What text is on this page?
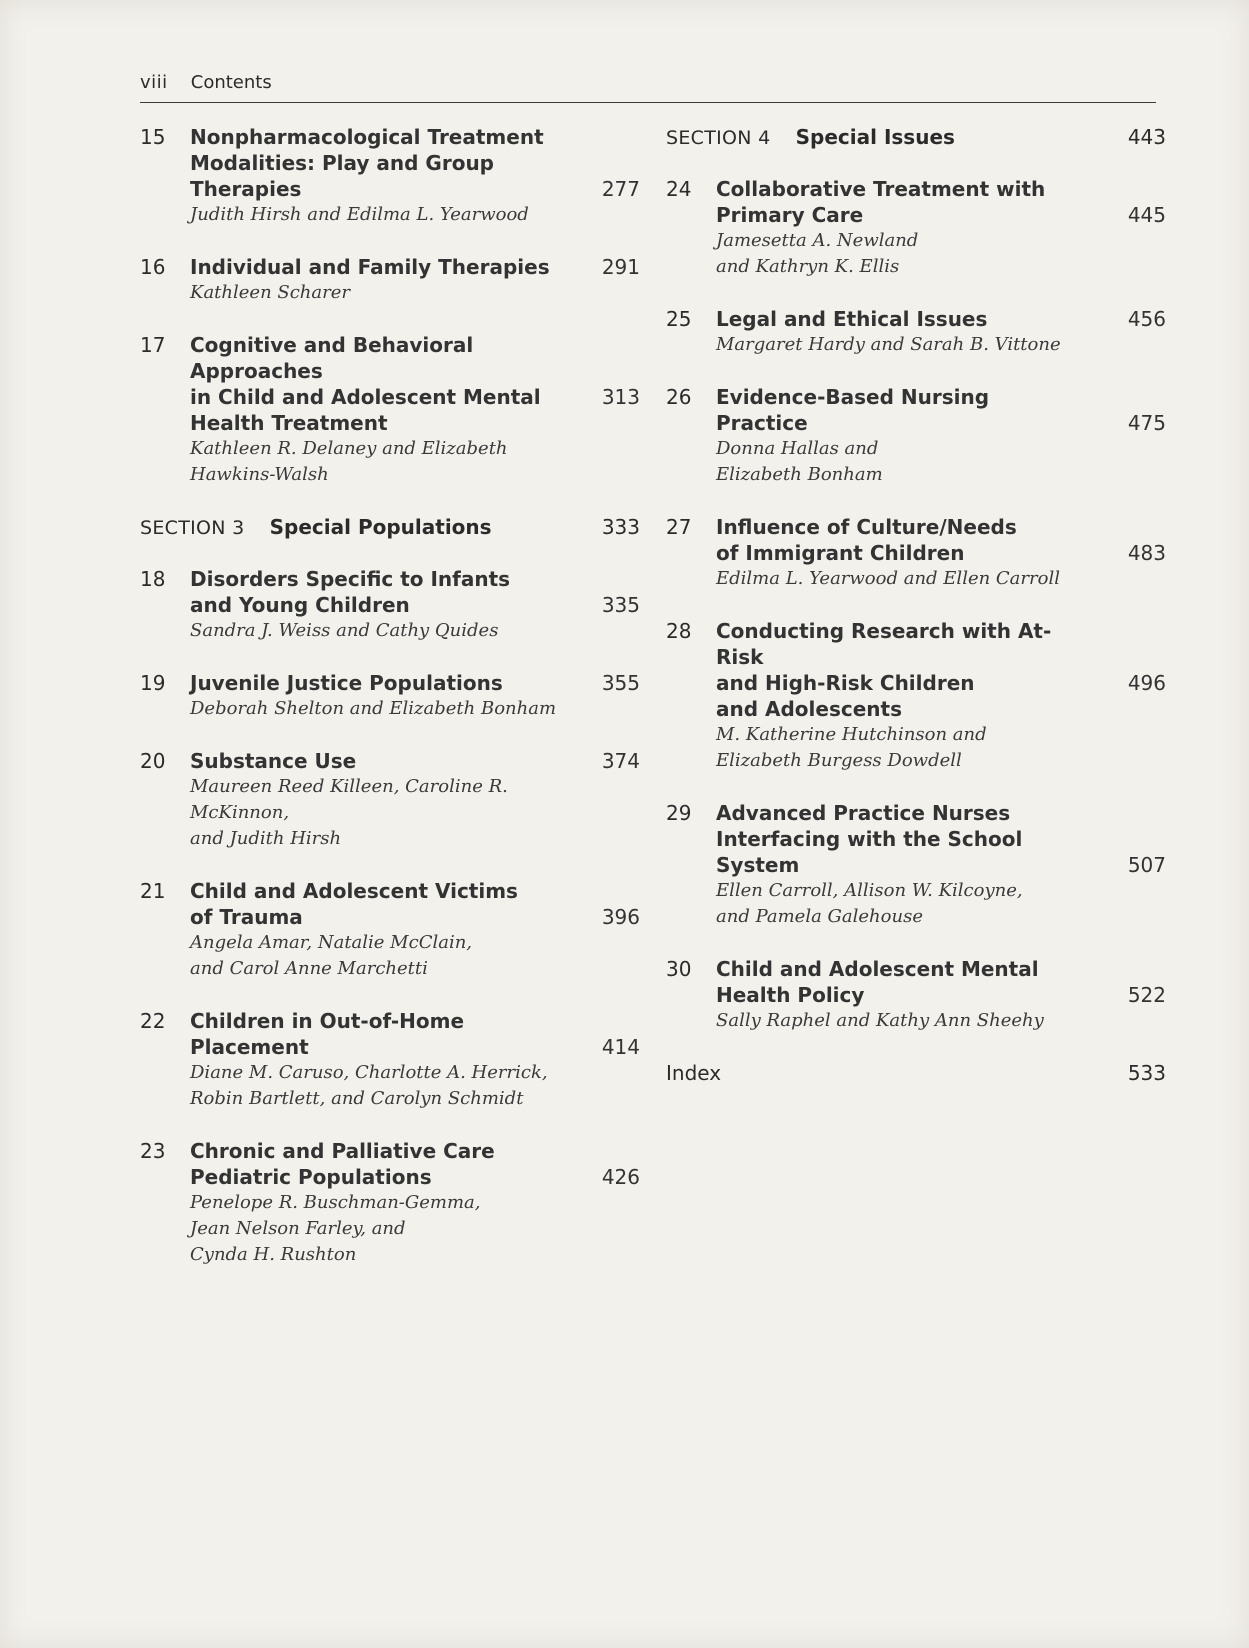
viii Contents
15	Nonpharmacological Treatment
Modalities: Play and Group
Therapies
Judith Hirsh and Edilma L. Yearwood
277
16	Individual and Family Therapies
Kathleen Scharer
291
17	Cognitive and Behavioral Approaches
in Child and Adolescent Mental
Health Treatment
Kathleen R. Delaney and Elizabeth
Hawkins-Walsh
313
SECTION 3 Special Populations	333
18	Disorders Specific to Infants
and Young Children
Sandra J. Weiss and Cathy Quides
335
19	Juvenile Justice Populations
Deborah Shelton and Elizabeth Bonham
355
20	Substance Use
Maureen Reed Killeen, Caroline R. McKinnon,
and Judith Hirsh
374
21	Child and Adolescent Victims
of Trauma
Angela Amar, Natalie McClain,
and Carol Anne Marchetti
396
22	Children in Out-of-Home
Placement
Diane M. Caruso, Charlotte A. Herrick,
Robin Bartlett, and Carolyn Schmidt
414
23	Chronic and Palliative Care
Pediatric Populations
Penelope R. Buschman-Gemma,
Jean Nelson Farley, and
Cynda H. Rushton
426
SECTION 4 Special Issues	443
24	Collaborative Treatment with
Primary Care
Jamesetta A. Newland
and Kathryn K. Ellis
445
25	Legal and Ethical Issues
Margaret Hardy and Sarah B. Vittone
456
26	Evidence-Based Nursing
Practice
Donna Hallas and
Elizabeth Bonham
475
27	Influence of Culture/Needs
of Immigrant Children
Edilma L. Yearwood and Ellen Carroll
483
28	Conducting Research with At-Risk
and High-Risk Children
and Adolescents
M. Katherine Hutchinson and
Elizabeth Burgess Dowdell
496
29	Advanced Practice Nurses
Interfacing with the School
System
Ellen Carroll, Allison W. Kilcoyne,
and Pamela Galehouse
507
30	Child and Adolescent Mental
Health Policy
Sally Raphel and Kathy Ann Sheehy
522
Index	533
